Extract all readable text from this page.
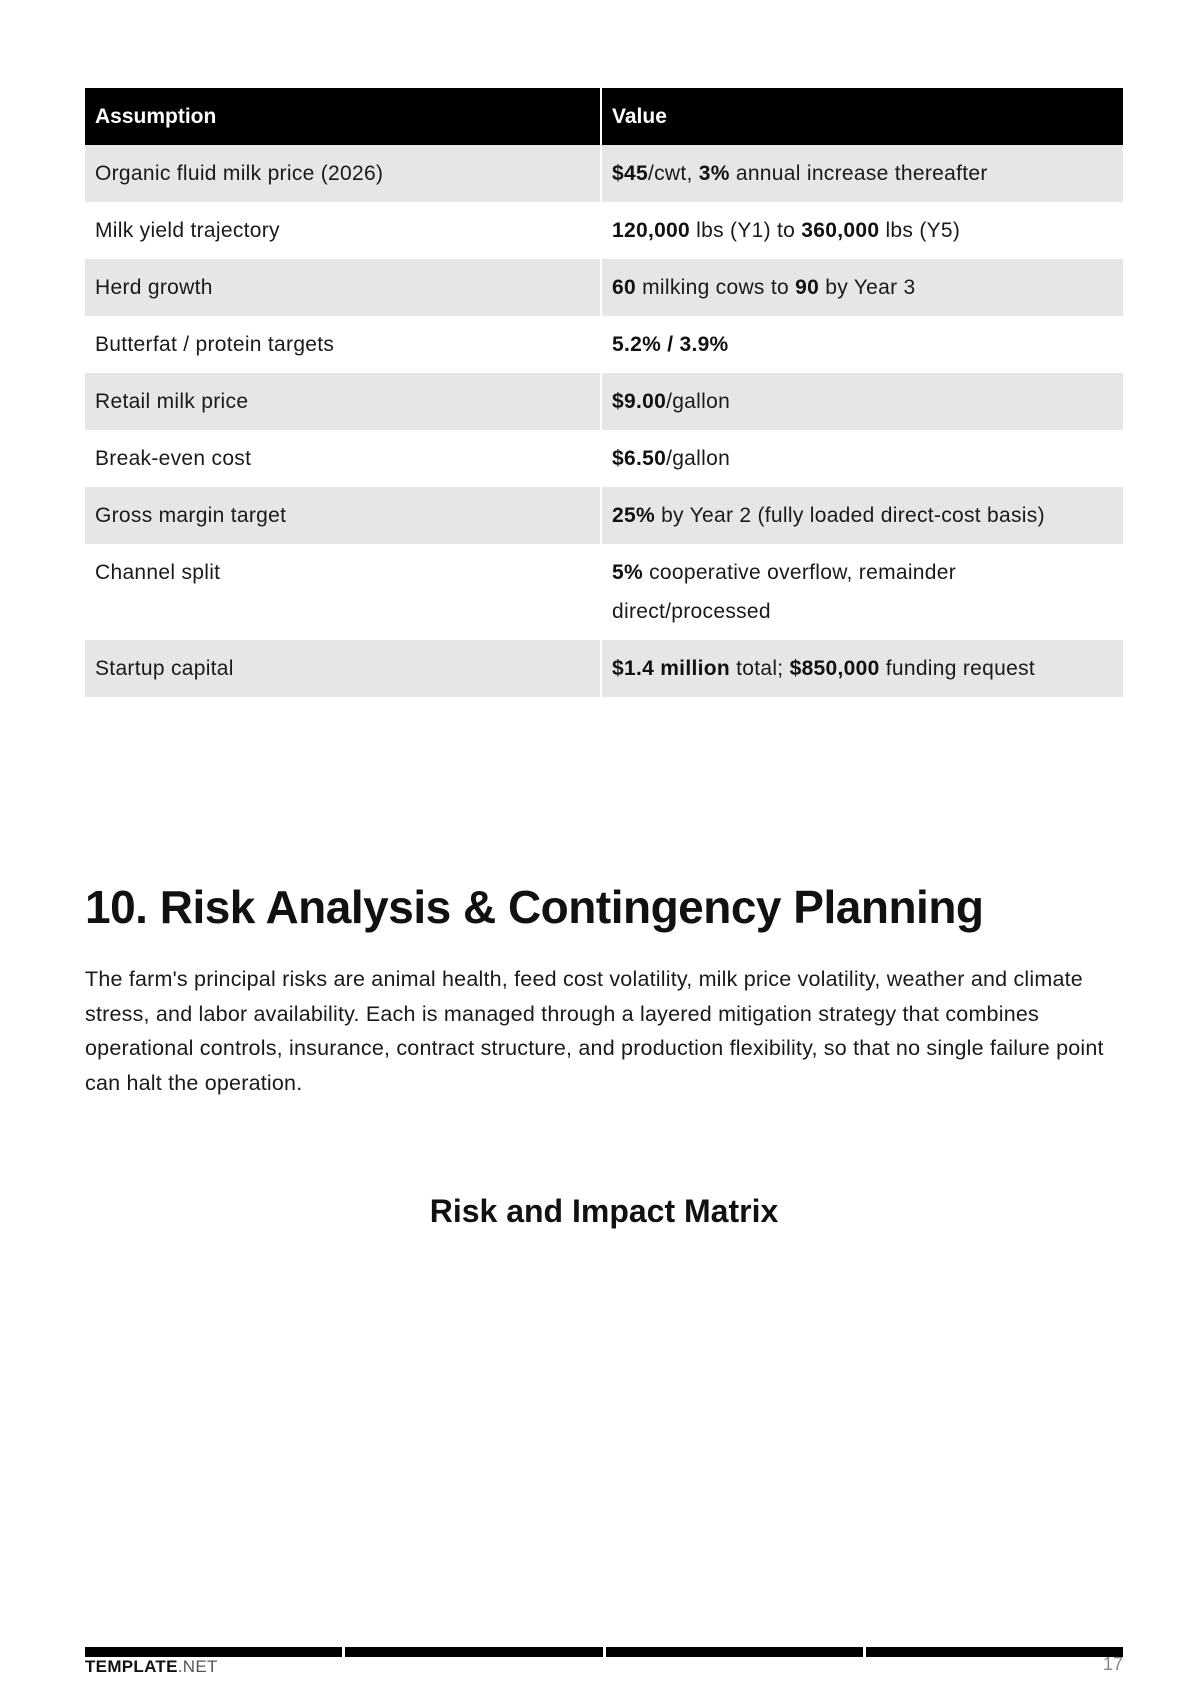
Assumption	Value
Organic fluid milk price (2026)	$45/cwt, 3% annual increase thereafter
Milk yield trajectory	120,000 lbs (Y1) to 360,000 lbs (Y5)
Herd growth	60 milking cows to 90 by Year 3
Butterfat / protein targets	5.2% / 3.9%
Retail milk price	$9.00/gallon
Break-even cost	$6.50/gallon
Gross margin target	25% by Year 2 (fully loaded direct-cost basis)
Channel split	5% cooperative overflow, remainder direct/processed
Startup capital	$1.4 million total; $850,000 funding request
10. Risk Analysis & Contingency Planning

The farm's principal risks are animal health, feed cost volatility, milk price volatility, weather and climate stress, and labor availability. Each is managed through a layered mitigation strategy that combines operational controls, insurance, contract structure, and production flexibility, so that no single failure point can halt the operation.

Risk and Impact Matrix
TEMPLATE.NET	17
